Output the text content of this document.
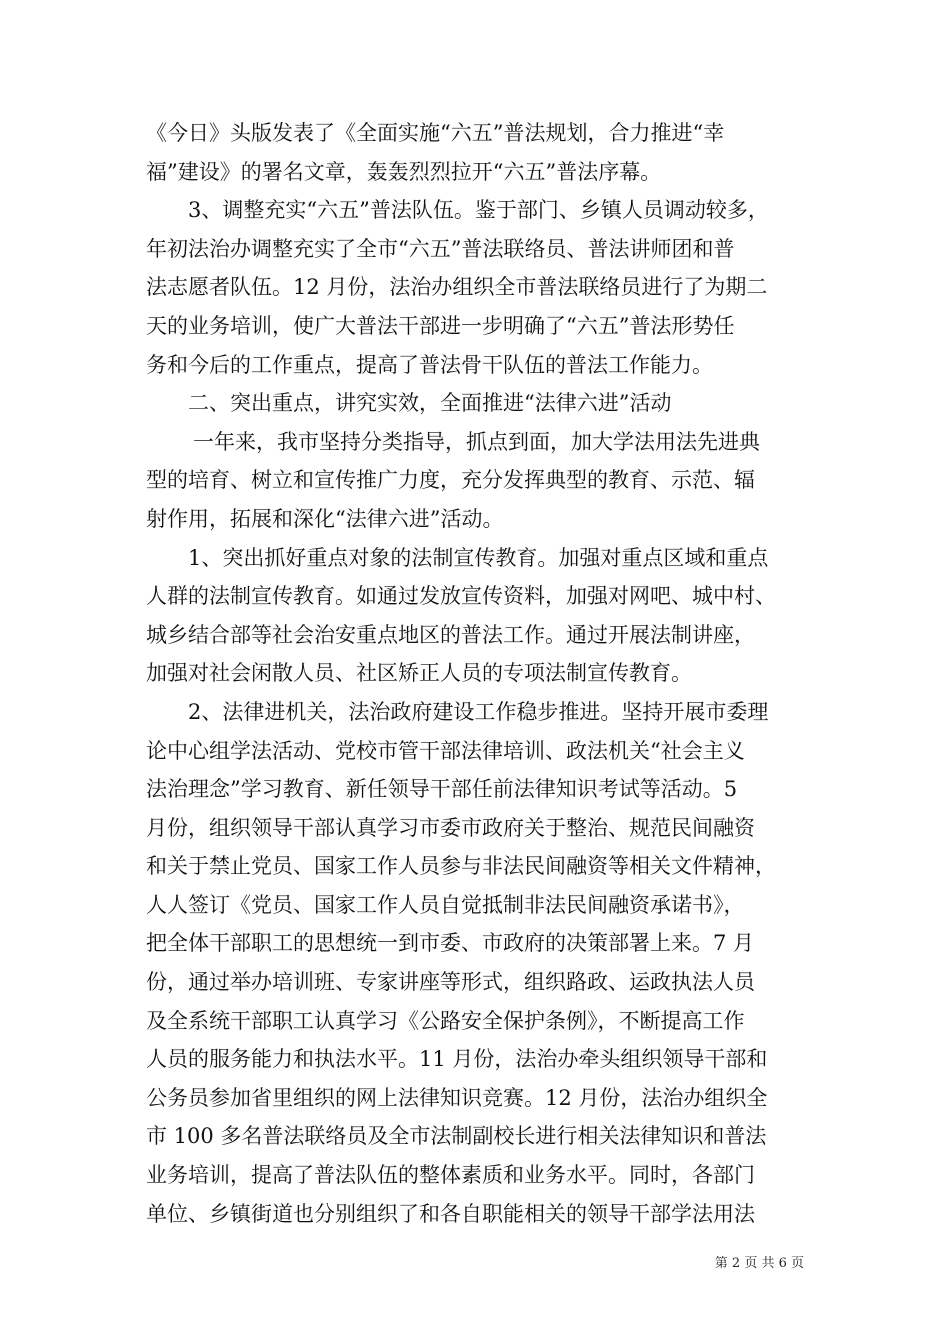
《今日》头版发表了《全面实施“六五”普法规划，合力推进“幸
福”建设》的署名文章，轰轰烈烈拉开“六五”普法序幕。
3、调整充实“六五”普法队伍。鉴于部门、乡镇人员调动较多，
年初法治办调整充实了全市“六五”普法联络员、普法讲师团和普
法志愿者队伍。12 月份，法治办组织全市普法联络员进行了为期二
天的业务培训，使广大普法干部进一步明确了“六五”普法形势任
务和今后的工作重点，提高了普法骨干队伍的普法工作能力。
二、突出重点，讲究实效，全面推进“法律六进”活动
一年来，我市坚持分类指导，抓点到面，加大学法用法先进典
型的培育、树立和宣传推广力度，充分发挥典型的教育、示范、辐
射作用，拓展和深化“法律六进”活动。
1、突出抓好重点对象的法制宣传教育。加强对重点区域和重点
人群的法制宣传教育。如通过发放宣传资料，加强对网吧、城中村、
城乡结合部等社会治安重点地区的普法工作。通过开展法制讲座，
加强对社会闲散人员、社区矫正人员的专项法制宣传教育。
2、法律进机关，法治政府建设工作稳步推进。坚持开展市委理
论中心组学法活动、党校市管干部法律培训、政法机关“社会主义
法治理念”学习教育、新任领导干部任前法律知识考试等活动。5
月份，组织领导干部认真学习市委市政府关于整治、规范民间融资
和关于禁止党员、国家工作人员参与非法民间融资等相关文件精神，
人人签订《党员、国家工作人员自觉抵制非法民间融资承诺书》，
把全体干部职工的思想统一到市委、市政府的决策部署上来。7 月
份，通过举办培训班、专家讲座等形式，组织路政、运政执法人员
及全系统干部职工认真学习《公路安全保护条例》，不断提高工作
人员的服务能力和执法水平。11 月份，法治办牵头组织领导干部和
公务员参加省里组织的网上法律知识竞赛。12 月份，法治办组织全
市 100 多名普法联络员及全市法制副校长进行相关法律知识和普法
业务培训，提高了普法队伍的整体素质和业务水平。同时，各部门
单位、乡镇街道也分别组织了和各自职能相关的领导干部学法用法
第 2 页 共 6 页
